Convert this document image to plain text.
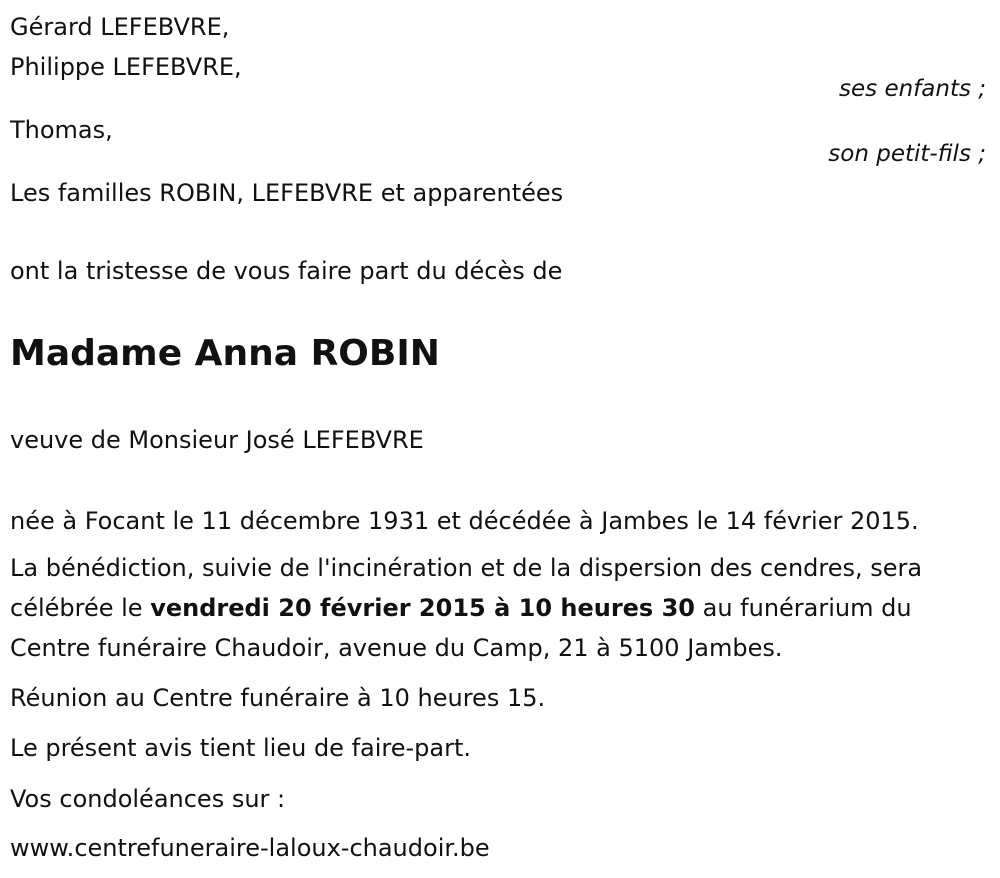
Gérard LEFEBVRE,
Philippe LEFEBVRE,
ses enfants ;
Thomas,
son petit-fils ;
Les familles ROBIN, LEFEBVRE et apparentées
ont la tristesse de vous faire part du décès de
Madame Anna ROBIN
veuve de Monsieur José LEFEBVRE
née à Focant le 11 décembre 1931 et décédée à Jambes le 14 février 2015.
La bénédiction, suivie de l'incinération et de la dispersion des cendres, sera célébrée le vendredi 20 février 2015 à 10 heures 30 au funérarium du Centre funéraire Chaudoir, avenue du Camp, 21 à 5100 Jambes.
Réunion au Centre funéraire à 10 heures 15.
Le présent avis tient lieu de faire-part.
Vos condoléances sur :
www.centrefuneraire-laloux-chaudoir.be
